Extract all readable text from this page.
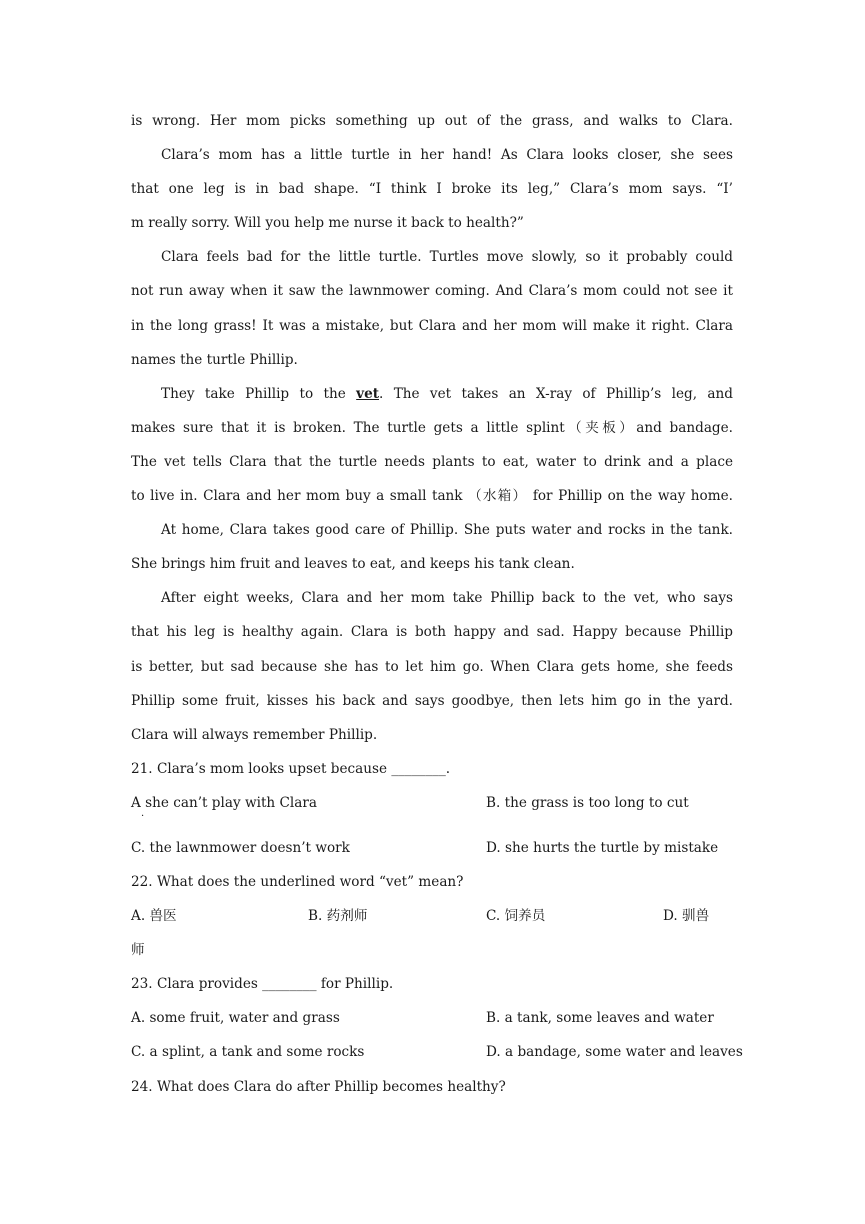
is wrong. Her mom picks something up out of the grass, and walks to Clara.
Clara’s mom has a little turtle in her hand! As Clara looks closer, she sees
that one leg is in bad shape. “I think I broke its leg,” Clara’s mom says. “I’
m really sorry. Will you help me nurse it back to health?”
Clara feels bad for the little turtle. Turtles move slowly, so it probably could
not run away when it saw the lawnmower coming. And Clara’s mom could not see it
in the long grass! It was a mistake, but Clara and her mom will make it right. Clara
names the turtle Phillip.
They take Phillip to the vet. The vet takes an X-ray of Phillip’s leg, and
makes sure that it is broken. The turtle gets a little splint（夹板）and bandage.
The vet tells Clara that the turtle needs plants to eat, water to drink and a place
to live in. Clara and her mom buy a small tank （水箱） for Phillip on the way home.
At home, Clara takes good care of Phillip. She puts water and rocks in the tank.
She brings him fruit and leaves to eat, and keeps his tank clean.
After eight weeks, Clara and her mom take Phillip back to the vet, who says
that his leg is healthy again. Clara is both happy and sad. Happy because Phillip
is better, but sad because she has to let him go. When Clara gets home, she feeds
Phillip some fruit, kisses his back and says goodbye, then lets him go in the yard.
Clara will always remember Phillip.
21. Clara’s mom looks upset because ________.
A she can’t play with Clara
·
B. the grass is too long to cut
C. the lawnmower doesn’t work	D. she hurts the turtle by mistake
22. What does the underlined word “vet” mean?
A. 兽医	B. 药剂师	C. 饲养员	D. 驯兽
师
23. Clara provides ________ for Phillip.
A. some fruit, water and grass	B. a tank, some leaves and water
C. a splint, a tank and some rocks	D. a bandage, some water and leaves
24. What does Clara do after Phillip becomes healthy?
